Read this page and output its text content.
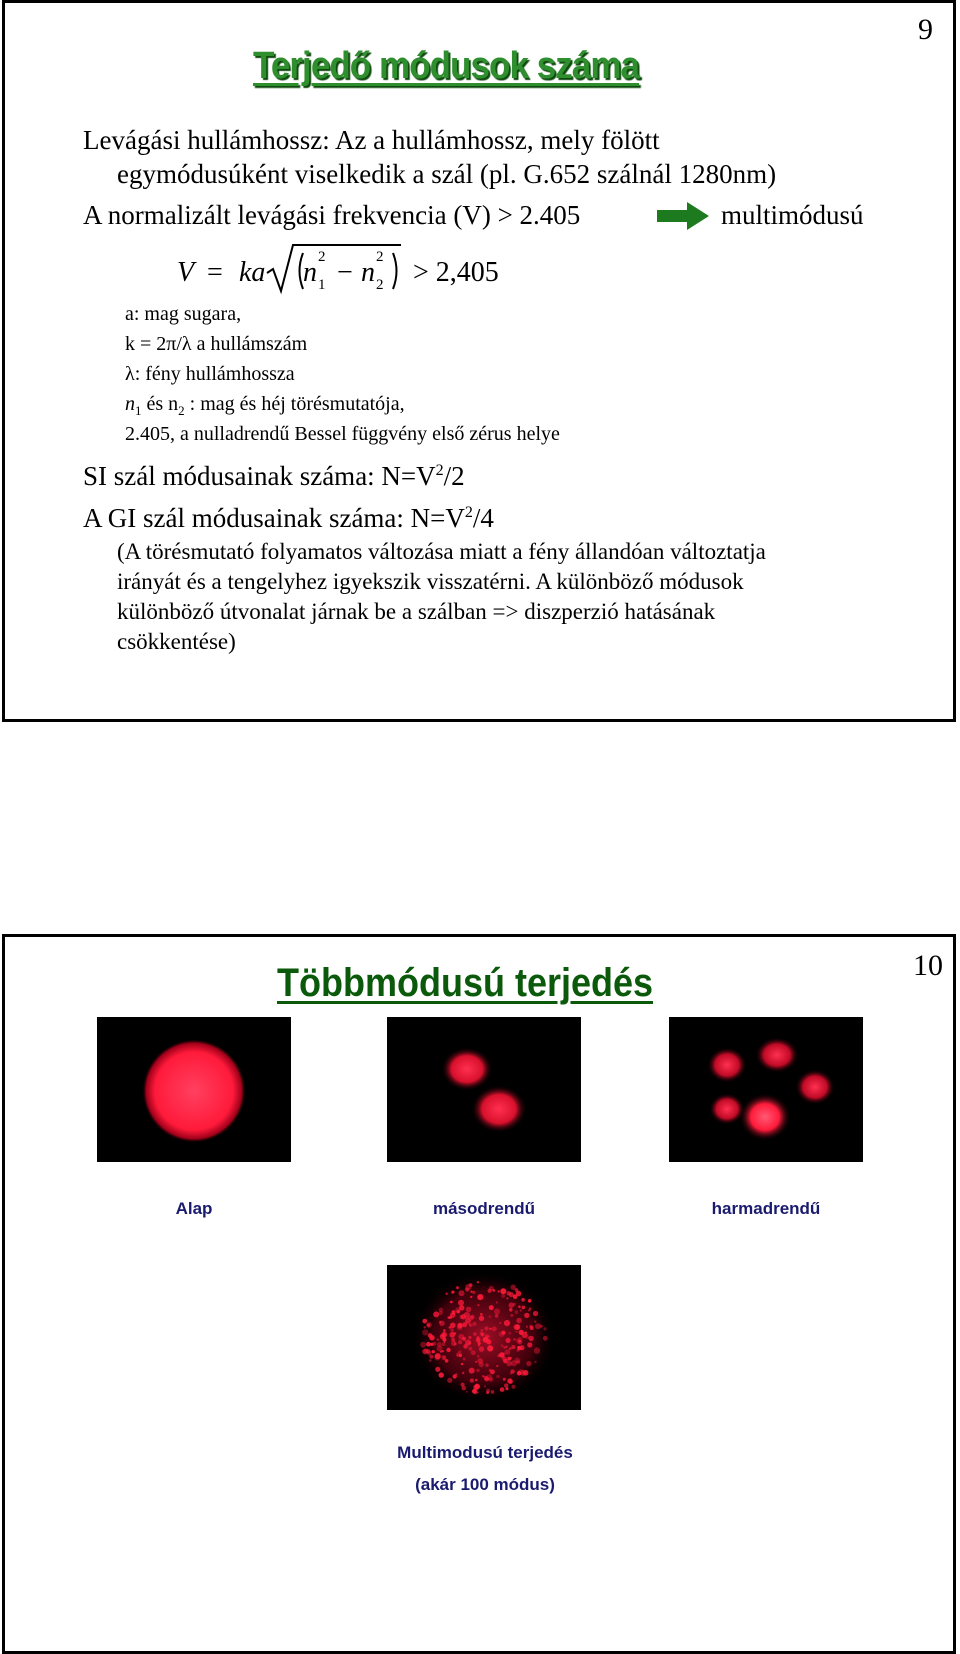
9
Terjedő módusok száma
Levágási hullámhossz: Az a hullámhossz, mely fölött
egymódusúként viselkedik a szál (pl. G.652 szálnál 1280nm)
A normalizált levágási frekvencia (V) > 2.405	multimódusú
V = ka n 1
2 − n 2
2 > 2,405
a: mag sugara,
k = 2π/λ a hullámszám
λ: fény hullámhossza
$n_1$ és $n_2$ : mag és héj törésmutatója,
2.405, a nulladrendű Bessel függvény első zérus helye
SI szál módusainak száma: $N=V^2/2$
A GI szál módusainak száma: $N=V^2/4$
(A törésmutató folyamatos változása miatt a fény állandóan változtatja
irányát és a tengelyhez igyekszik visszatérni. A különböző módusok
különböző útvonalat járnak be a szálban => diszperzió hatásának
csökkentése)
10
Többmódusú terjedés
Alap	másodrendű	harmadrendű
Multimodusú terjedés
(akár 100 módus)
